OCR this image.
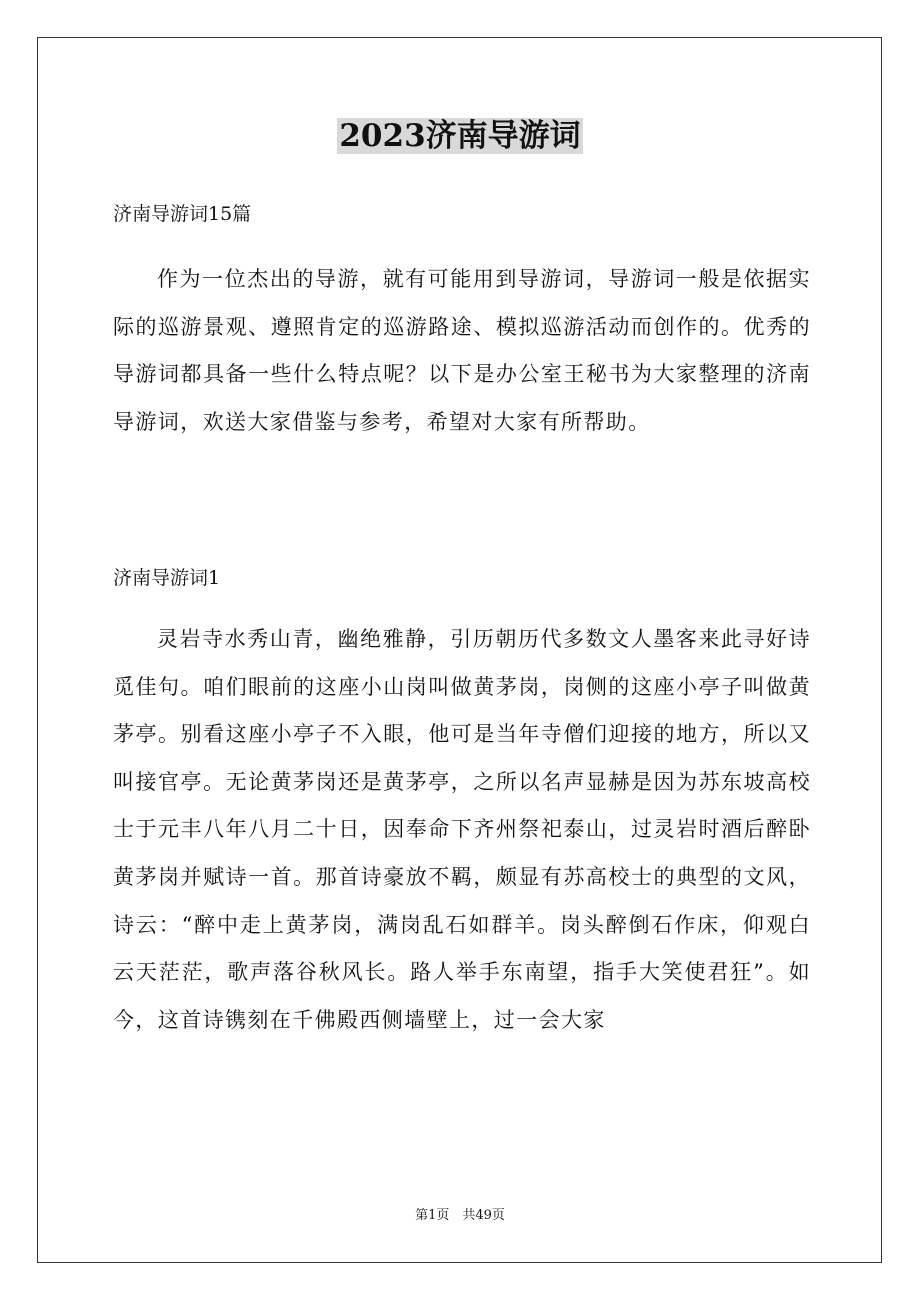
2023济南导游词
济南导游词15篇

作为一位杰出的导游，就有可能用到导游词，导游词一般是依据实际的巡游景观、遵照肯定的巡游路途、模拟巡游活动而创作的。优秀的导游词都具备一些什么特点呢？以下是办公室王秘书为大家整理的济南导游词，欢送大家借鉴与参考，希望对大家有所帮助。

济南导游词1

灵岩寺水秀山青，幽绝雅静，引历朝历代多数文人墨客来此寻好诗觅佳句。咱们眼前的这座小山岗叫做黄茅岗，岗侧的这座小亭子叫做黄茅亭。别看这座小亭子不入眼，他可是当年寺僧们迎接的地方，所以又叫接官亭。无论黄茅岗还是黄茅亭，之所以名声显赫是因为苏东坡高校士于元丰八年八月二十日，因奉命下齐州祭祀泰山，过灵岩时酒后醉卧黄茅岗并赋诗一首。那首诗豪放不羁，颇显有苏高校士的典型的文风，诗云：“醉中走上黄茅岗，满岗乱石如群羊。岗头醉倒石作床，仰观白云天茫茫，歌声落谷秋风长。路人举手东南望，指手大笑使君狂”。如今，这首诗镌刻在千佛殿西侧墙壁上，过一会大家

第1页　共49页
